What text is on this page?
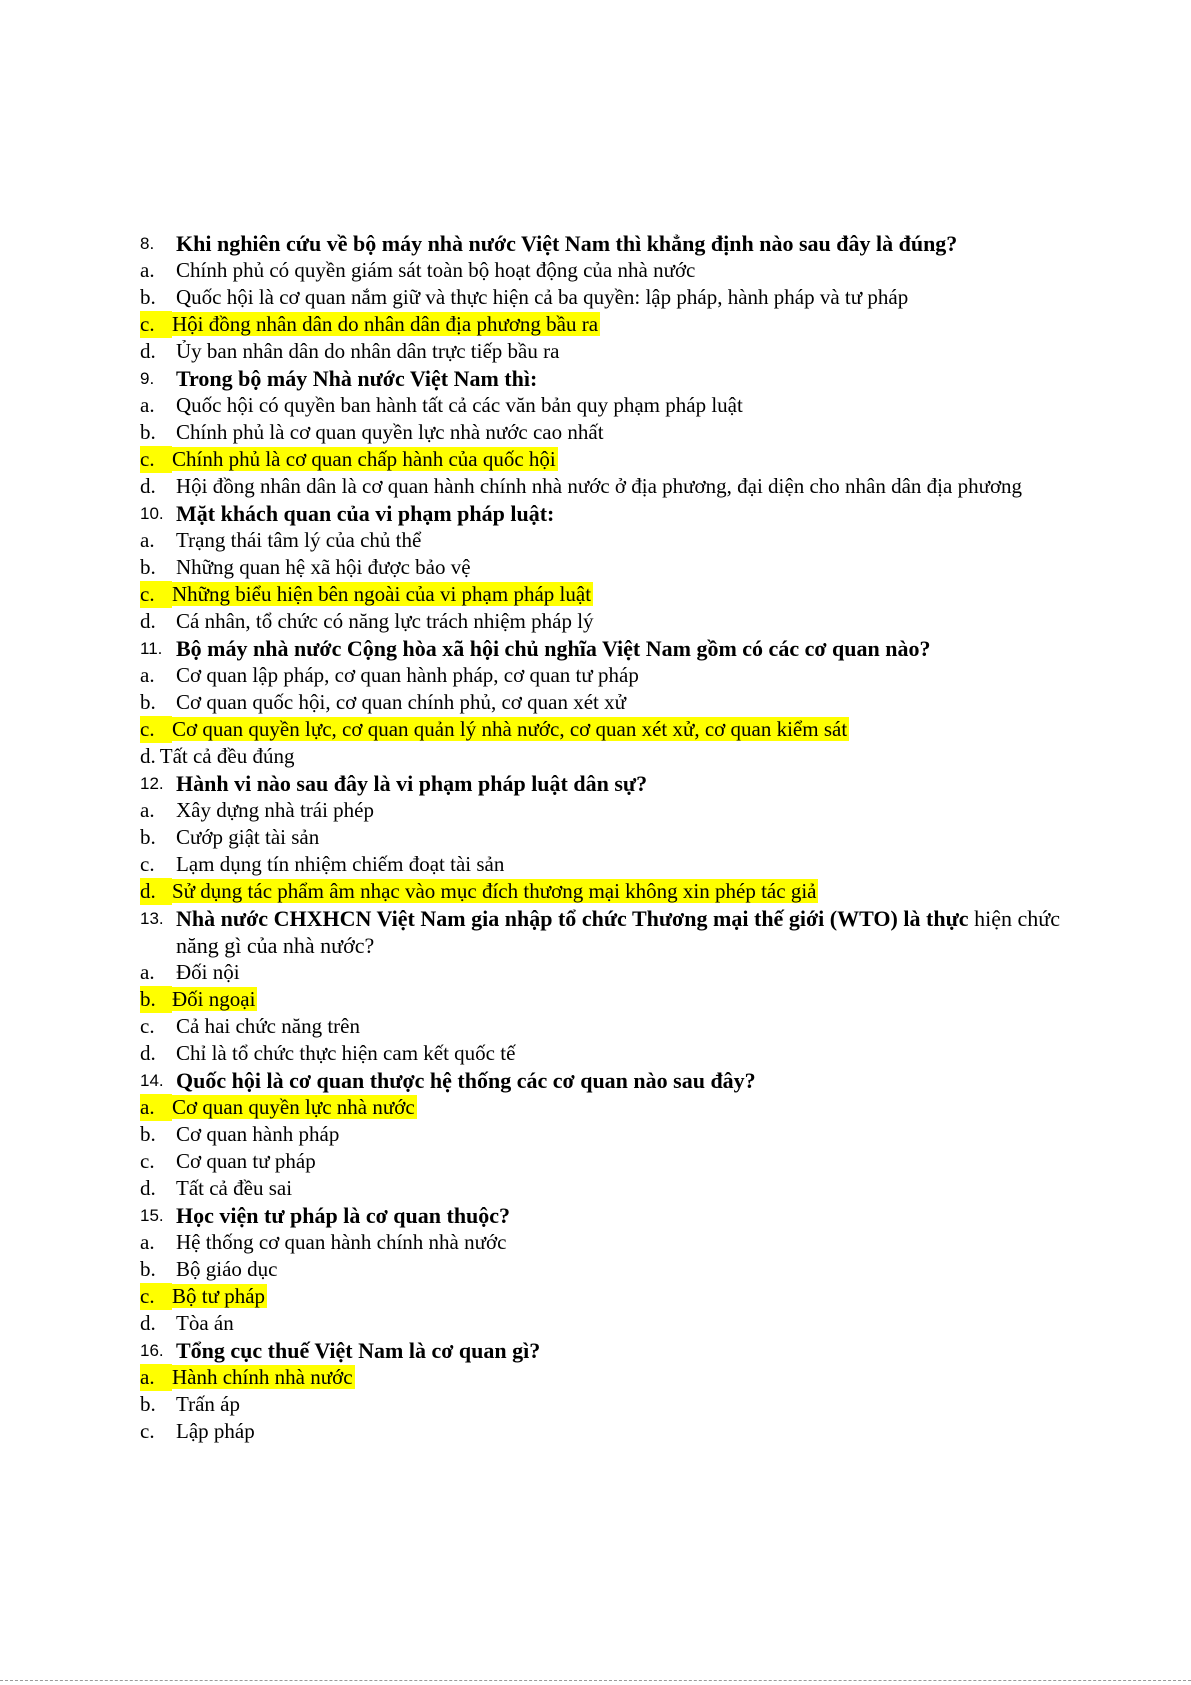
8. Khi nghiên cứu về bộ máy nhà nước Việt Nam thì khẳng định nào sau đây là đúng?
a. Chính phủ có quyền giám sát toàn bộ hoạt động của nhà nước
b. Quốc hội là cơ quan nắm giữ và thực hiện cả ba quyền: lập pháp, hành pháp và tư pháp
c. Hội đồng nhân dân do nhân dân địa phương bầu ra
d. Ủy ban nhân dân do nhân dân trực tiếp bầu ra
9. Trong bộ máy Nhà nước Việt Nam thì:
a. Quốc hội có quyền ban hành tất cả các văn bản quy phạm pháp luật
b. Chính phủ là cơ quan quyền lực nhà nước cao nhất
c. Chính phủ là cơ quan chấp hành của quốc hội
d. Hội đồng nhân dân là cơ quan hành chính nhà nước ở địa phương, đại diện cho nhân dân địa phương
10. Mặt khách quan của vi phạm pháp luật:
a. Trạng thái tâm lý của chủ thể
b. Những quan hệ xã hội được bảo vệ
c. Những biểu hiện bên ngoài của vi phạm pháp luật
d. Cá nhân, tổ chức có năng lực trách nhiệm pháp lý
11. Bộ máy nhà nước Cộng hòa xã hội chủ nghĩa Việt Nam gồm có các cơ quan nào?
a. Cơ quan lập pháp, cơ quan hành pháp, cơ quan tư pháp
b. Cơ quan quốc hội, cơ quan chính phủ, cơ quan xét xử
c. Cơ quan quyền lực, cơ quan quản lý nhà nước, cơ quan xét xử, cơ quan kiểm sát
d. Tất cả đều đúng
12. Hành vi nào sau đây là vi phạm pháp luật dân sự?
a. Xây dựng nhà trái phép
b. Cướp giật tài sản
c. Lạm dụng tín nhiệm chiếm đoạt tài sản
d. Sử dụng tác phẩm âm nhạc vào mục đích thương mại không xin phép tác giả
13. Nhà nước CHXHCN Việt Nam gia nhập tổ chức Thương mại thế giới (WTO) là thực hiện chức năng gì của nhà nước?
a. Đối nội
b. Đối ngoại
c. Cả hai chức năng trên
d. Chỉ là tổ chức thực hiện cam kết quốc tế
14. Quốc hội là cơ quan thược hệ thống các cơ quan nào sau đây?
a. Cơ quan quyền lực nhà nước
b. Cơ quan hành pháp
c. Cơ quan tư pháp
d. Tất cả đều sai
15. Học viện tư pháp là cơ quan thuộc?
a. Hệ thống cơ quan hành chính nhà nước
b. Bộ giáo dục
c. Bộ tư pháp
d. Tòa án
16. Tổng cục thuế Việt Nam là cơ quan gì?
a. Hành chính nhà nước
b. Trấn áp
c. Lập pháp
